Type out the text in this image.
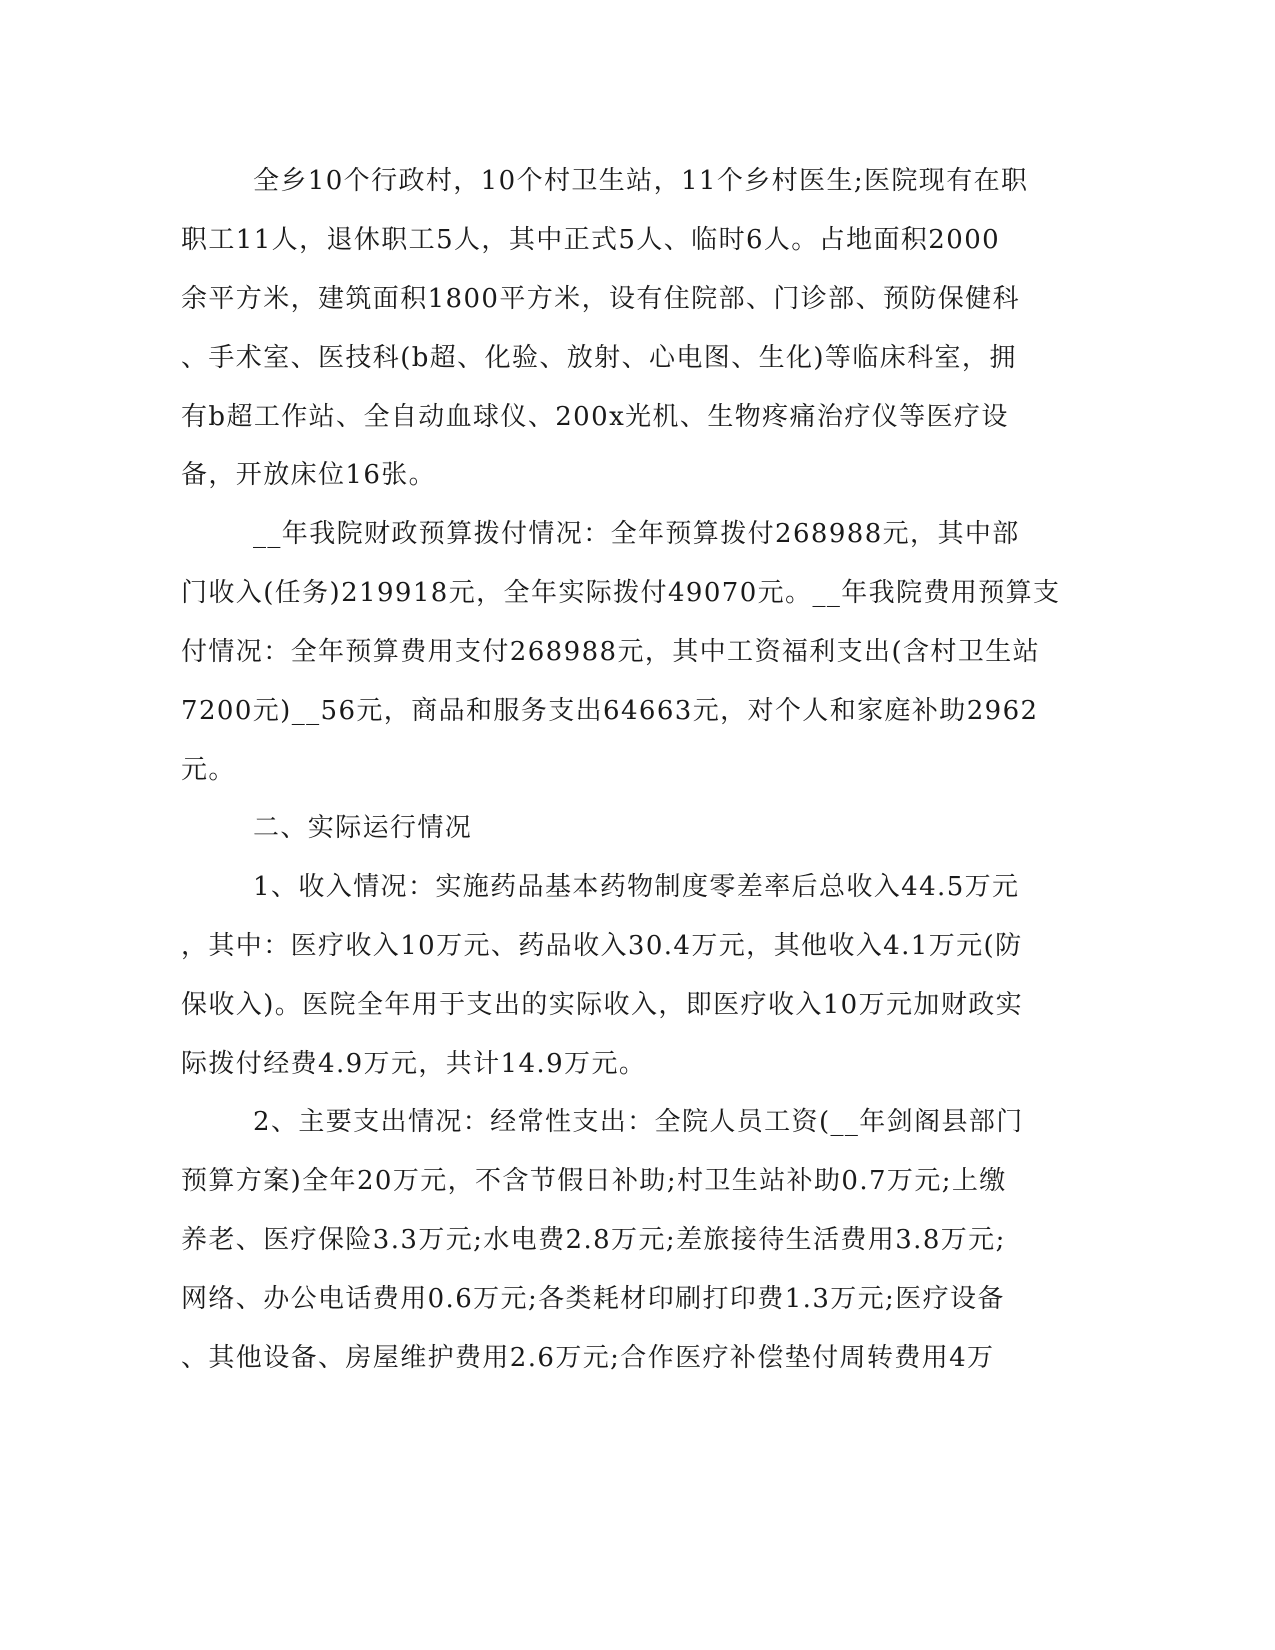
全乡10个行政村，10个村卫生站，11个乡村医生;医院现有在职
职工11人，退休职工5人，其中正式5人、临时6人。占地面积2000
余平方米，建筑面积1800平方米，设有住院部、门诊部、预防保健科
、手术室、医技科(b超、化验、放射、心电图、生化)等临床科室，拥
有b超工作站、全自动血球仪、200x光机、生物疼痛治疗仪等医疗设
备，开放床位16张。
__年我院财政预算拨付情况：全年预算拨付268988元，其中部
门收入(任务)219918元，全年实际拨付49070元。__年我院费用预算支
付情况：全年预算费用支付268988元，其中工资福利支出(含村卫生站
7200元)__56元，商品和服务支出64663元，对个人和家庭补助2962
元。
二、实际运行情况
1、收入情况：实施药品基本药物制度零差率后总收入44.5万元
，其中：医疗收入10万元、药品收入30.4万元，其他收入4.1万元(防
保收入)。医院全年用于支出的实际收入，即医疗收入10万元加财政实
际拨付经费4.9万元，共计14.9万元。
2、主要支出情况：经常性支出：全院人员工资(__年剑阁县部门
预算方案)全年20万元，不含节假日补助;村卫生站补助0.7万元;上缴
养老、医疗保险3.3万元;水电费2.8万元;差旅接待生活费用3.8万元;
网络、办公电话费用0.6万元;各类耗材印刷打印费1.3万元;医疗设备
、其他设备、房屋维护费用2.6万元;合作医疗补偿垫付周转费用4万
